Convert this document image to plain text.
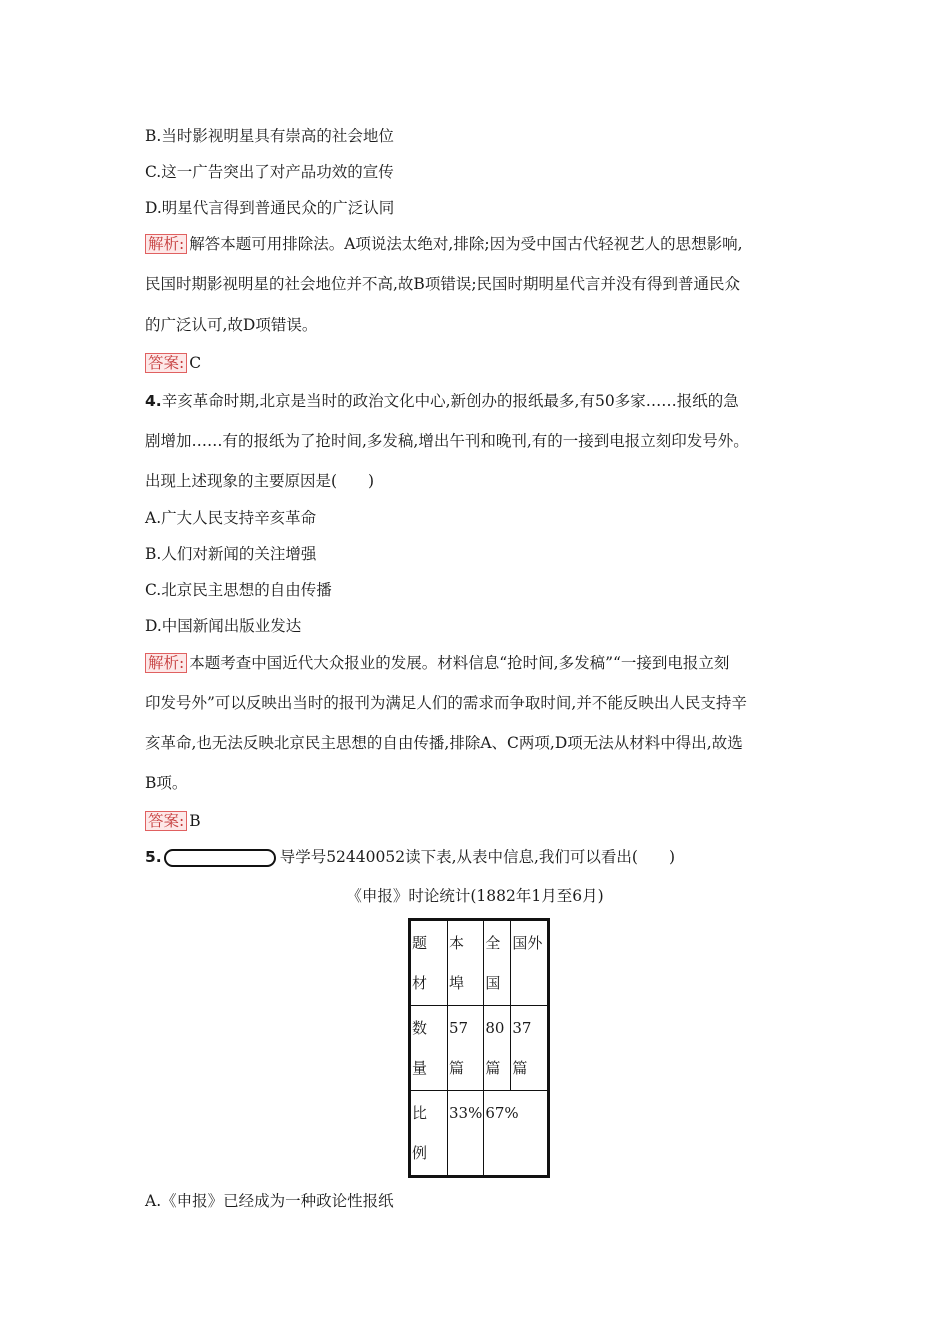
B.当时影视明星具有崇高的社会地位
C.这一广告突出了对产品功效的宣传
D.明星代言得到普通民众的广泛认同
解析: 解答本题可用排除法。A项说法太绝对,排除;因为受中国古代轻视艺人的思想影响,
民国时期影视明星的社会地位并不高,故B项错误;民国时期明星代言并没有得到普通民众
的广泛认可,故D项错误。
答案: C
4.辛亥革命时期,北京是当时的政治文化中心,新创办的报纸最多,有50多家……报纸的急
剧增加……有的报纸为了抢时间,多发稿,增出午刊和晚刊,有的一接到电报立刻印发号外。
出现上述现象的主要原因是(　　)
A.广大人民支持辛亥革命
B.人们对新闻的关注增强
C.北京民主思想的自由传播
D.中国新闻出版业发达
解析: 本题考查中国近代大众报业的发展。材料信息“抢时间,多发稿”“一接到电报立刻
印发号外”可以反映出当时的报刊为满足人们的需求而争取时间,并不能反映出人民支持辛
亥革命,也无法反映北京民主思想的自由传播,排除A、C两项,D项无法从材料中得出,故选
B项。
答案: B
5.	导学号52440052读下表,从表中信息,我们可以看出(　　)
《申报》时论统计(1882年1月至6月)
题材	本埠	全国	国外

数量	57篇	80篇	37篇

比例	33%	67%	
A.《申报》已经成为一种政论性报纸
